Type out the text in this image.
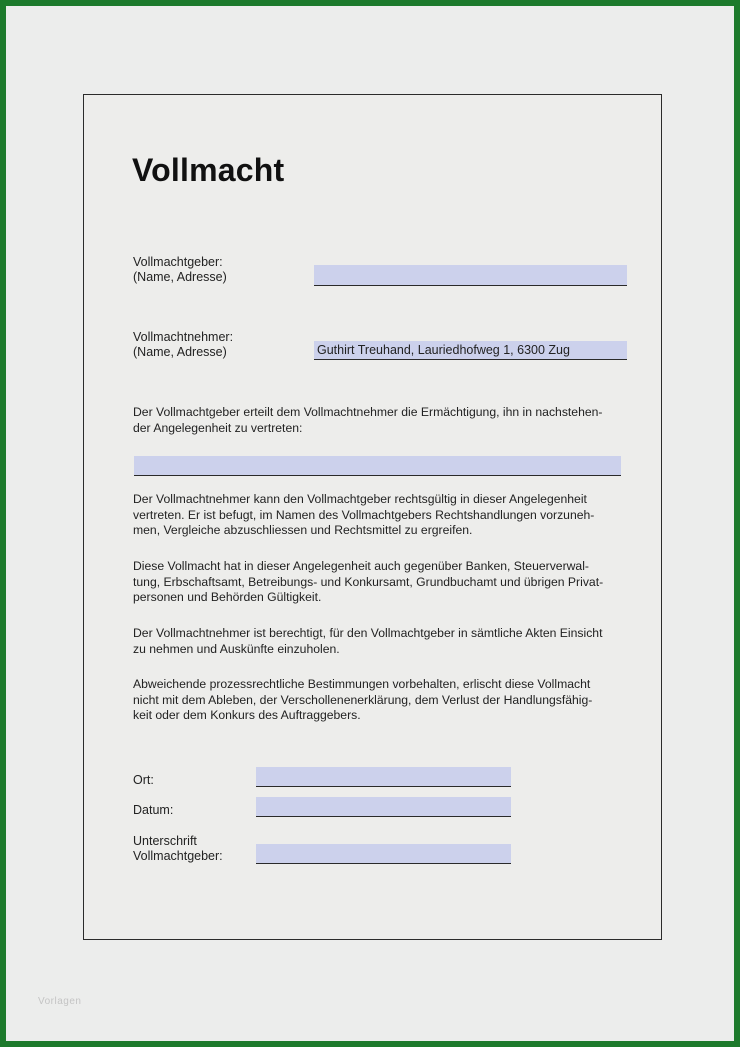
Vollmacht
Vollmachtgeber:
(Name, Adresse)
Vollmachtnehmer:
(Name, Adresse)	Guthirt Treuhand, Lauriedhofweg 1, 6300 Zug

Der Vollmachtgeber erteilt dem Vollmachtnehmer die Ermächtigung, ihn in nachstehen-
der Angelegenheit zu vertreten:

Der Vollmachtnehmer kann den Vollmachtgeber rechtsgültig in dieser Angelegenheit
vertreten. Er ist befugt, im Namen des Vollmachtgebers Rechtshandlungen vorzuneh-
men, Vergleiche abzuschliessen und Rechtsmittel zu ergreifen.

Diese Vollmacht hat in dieser Angelegenheit auch gegenüber Banken, Steuerverwal-
tung, Erbschaftsamt, Betreibungs- und Konkursamt, Grundbuchamt und übrigen Privat-
personen und Behörden Gültigkeit.

Der Vollmachtnehmer ist berechtigt, für den Vollmachtgeber in sämtliche Akten Einsicht
zu nehmen und Auskünfte einzuholen.

Abweichende prozessrechtliche Bestimmungen vorbehalten, erlischt diese Vollmacht
nicht mit dem Ableben, der Verschollenenerklärung, dem Verlust der Handlungsfähig-
keit oder dem Konkurs des Auftraggebers.

Ort:
Datum:
Unterschrift
Vollmachtgeber:
Vorlagen
